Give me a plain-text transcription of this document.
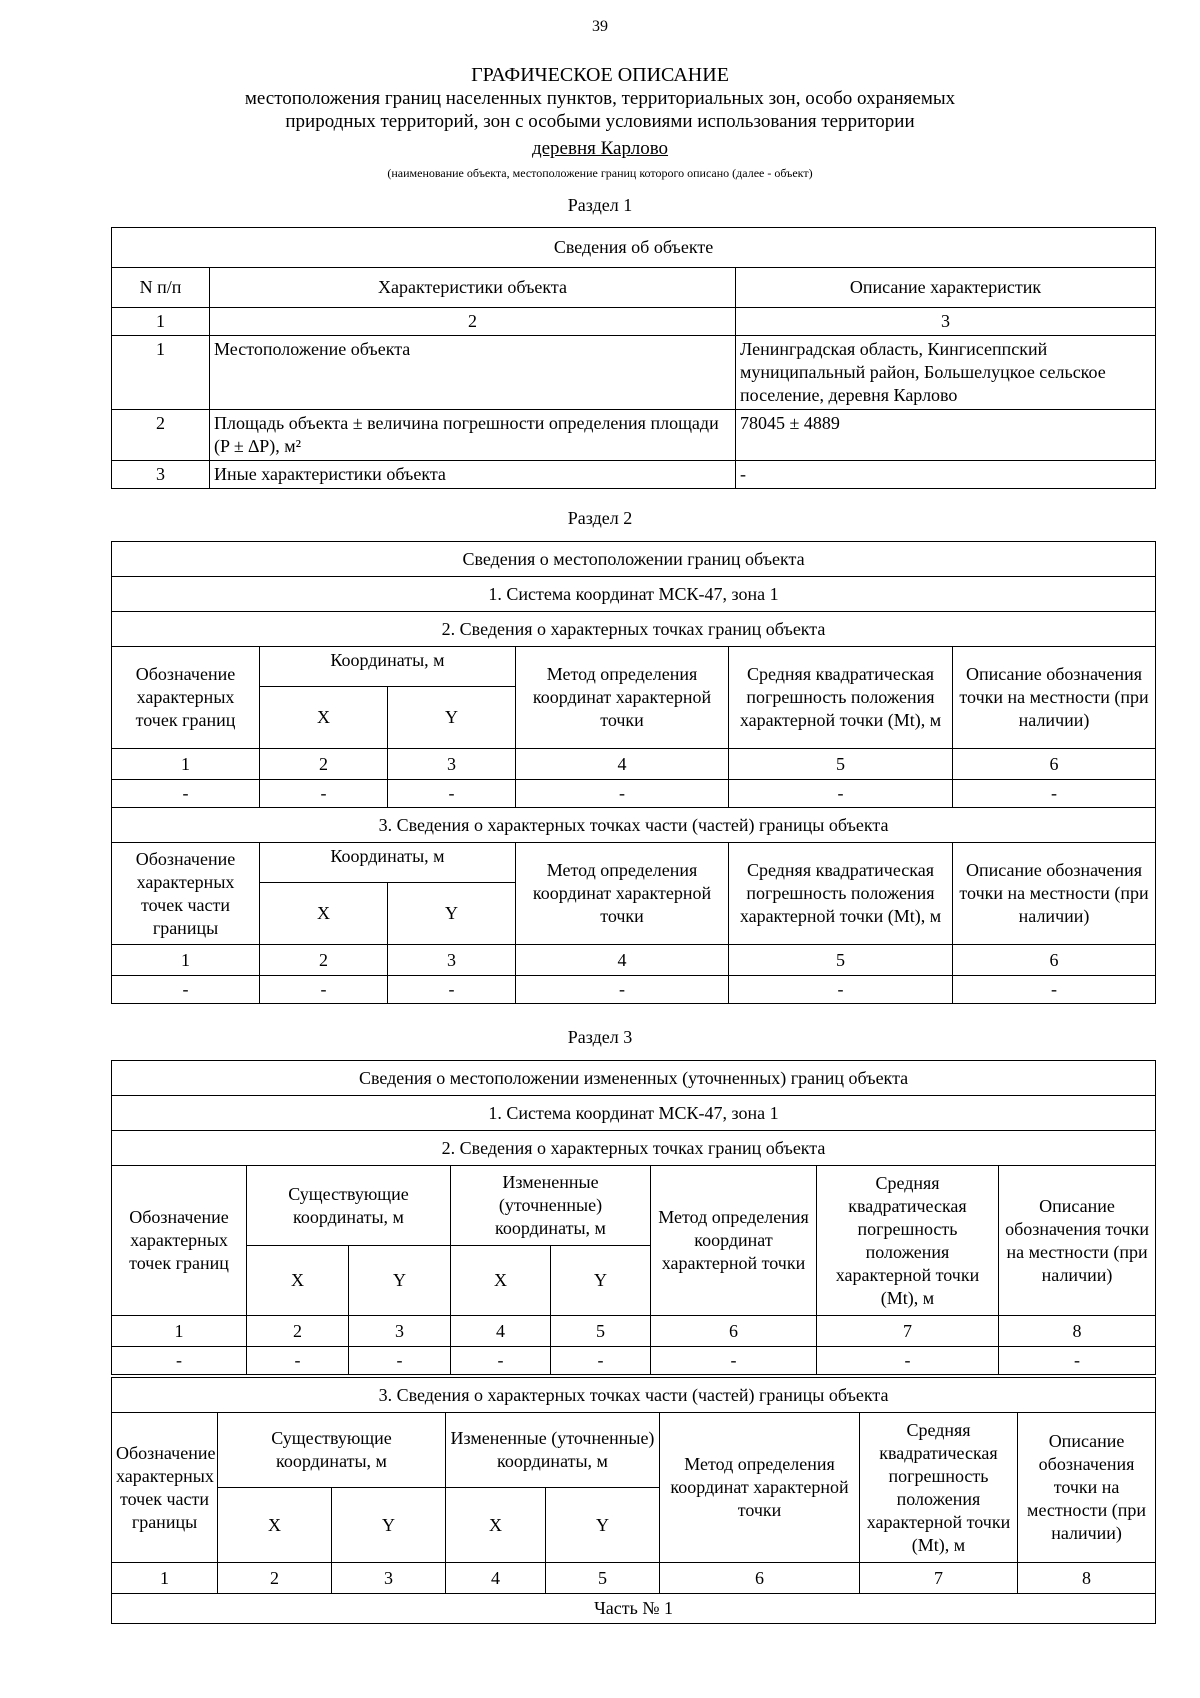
39
ГРАФИЧЕСКОЕ ОПИСАНИЕ
местоположения границ населенных пунктов, территориальных зон, особо охраняемых
природных территорий, зон с особыми условиями использования территории
деревня Карлово
(наименование объекта, местоположение границ которого описано (далее - объект)
Раздел 1
Сведения об объекте		
N п/п	Характеристики объекта	Описание характеристик
1	2	3
1	Местоположение объекта	Ленинградская область, Кингисеппский муниципальный район, Большелуцкое сельское поселение, деревня Карлово
2	Площадь объекта ± величина погрешности определения площади (P ± ∆P), м²	78045 ± 4889
3	Иные характеристики объекта	-
Раздел 2
Сведения о местоположении границ объекта					
1. Система координат МСК-47, зона 1					
2. Сведения о характерных точках границ объекта					
Обозначение характерных точек границ	Координаты, м		Метод определения координат характерной точки	Средняя квадратическая погрешность положения характерной точки (Mt), м	Описание обозначения точки на местности (при наличии)
	X	Y			
1	2	3	4	5	6
-	-	-	-	-	-
3. Сведения о характерных точках части (частей) границы объекта					
Обозначение характерных точек части границы	Координаты, м		Метод определения координат характерной точки	Средняя квадратическая погрешность положения характерной точки (Mt), м	Описание обозначения точки на местности (при наличии)
	X	Y			
1	2	3	4	5	6
-	-	-	-	-	-
Раздел 3
Сведения о местоположении измененных (уточненных) границ объекта							
1. Система координат МСК-47, зона 1							
2. Сведения о характерных точках границ объекта							
Обозначение характерных точек границ	Существующие координаты, м		Измененные (уточненные) координаты, м		Метод определения координат характерной точки	Средняя квадратическая погрешность положения характерной точки (Mt), м	Описание обозначения точки на местности (при наличии)
	X	Y	X	Y			
1	2	3	4	5	6	7	8
-	-	-	-	-	-	-	-
3. Сведения о характерных точках части (частей) границы объекта							
Обозначение характерных точек части границы	Существующие координаты, м		Измененные (уточненные) координаты, м		Метод определения координат характерной точки	Средняя квадратическая погрешность положения характерной точки (Mt), м	Описание обозначения точки на местности (при наличии)
	X	Y	X	Y			
1	2	3	4	5	6	7	8
Часть № 1							
